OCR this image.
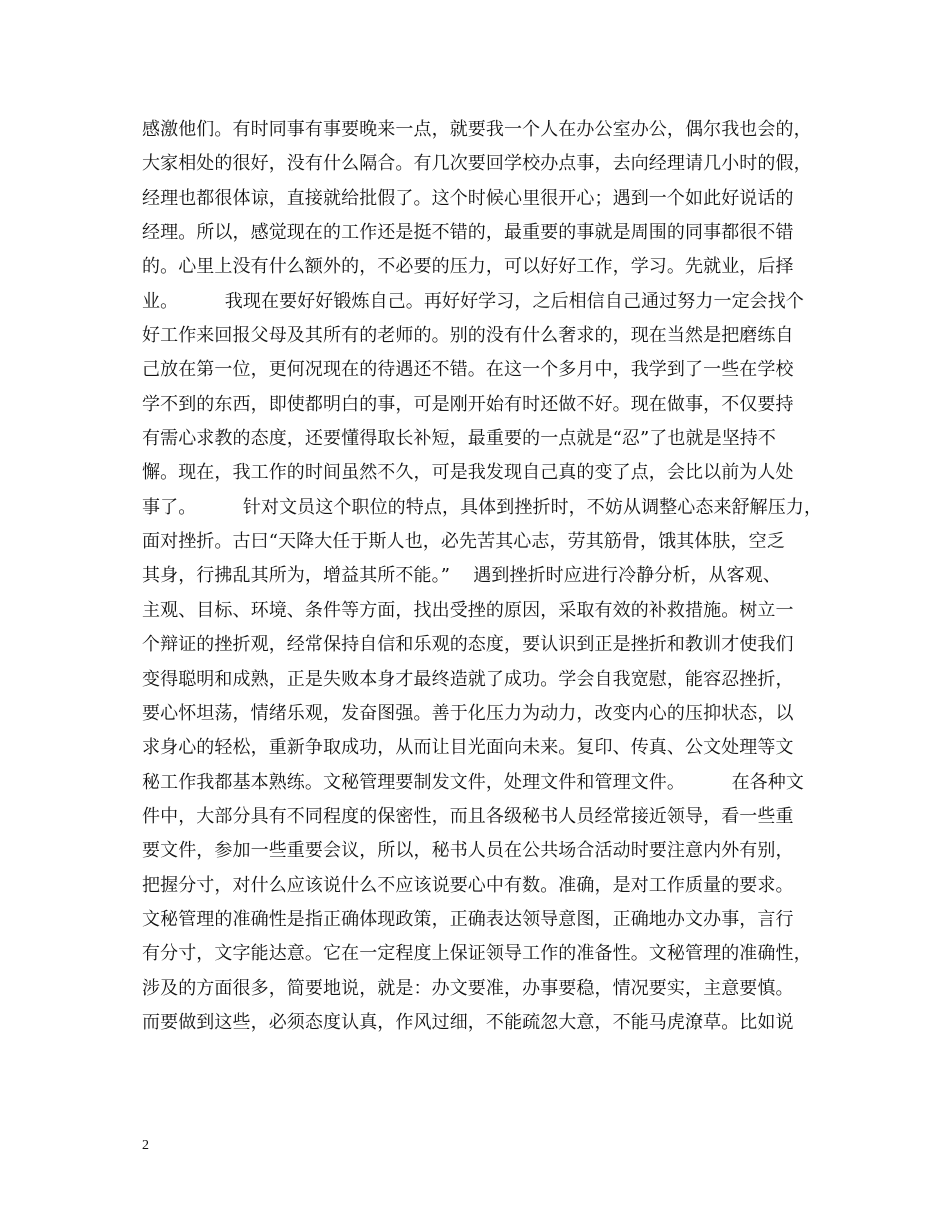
感激他们。有时同事有事要晚来一点，就要我一个人在办公室办公，偶尔我也会的，
大家相处的很好，没有什么隔合。有几次要回学校办点事，去向经理请几小时的假，
经理也都很体谅，直接就给批假了。这个时候心里很开心；遇到一个如此好说话的
经理。所以，感觉现在的工作还是挺不错的，最重要的事就是周围的同事都很不错
的。心里上没有什么额外的，不必要的压力，可以好好工作，学习。先就业，后择
业。        我现在要好好锻炼自己。再好好学习，之后相信自己通过努力一定会找个
好工作来回报父母及其所有的老师的。别的没有什么奢求的，现在当然是把磨练自
己放在第一位，更何况现在的待遇还不错。在这一个多月中，我学到了一些在学校
学不到的东西，即使都明白的事，可是刚开始有时还做不好。现在做事，不仅要持
有需心求教的态度，还要懂得取长补短，最重要的一点就是“忍”了也就是坚持不
懈。现在，我工作的时间虽然不久，可是我发现自己真的变了点，会比以前为人处
事了。        针对文员这个职位的特点，具体到挫折时，不妨从调整心态来舒解压力，
面对挫折。古曰“天降大任于斯人也，必先苦其心志，劳其筋骨，饿其体肤，空乏
其身，行拂乱其所为，增益其所不能。”    遇到挫折时应进行冷静分析，从客观、
主观、目标、环境、条件等方面，找出受挫的原因，采取有效的补救措施。树立一
个辩证的挫折观，经常保持自信和乐观的态度，要认识到正是挫折和教训才使我们
变得聪明和成熟，正是失败本身才最终造就了成功。学会自我宽慰，能容忍挫折，
要心怀坦荡，情绪乐观，发奋图强。善于化压力为动力，改变内心的压抑状态，以
求身心的轻松，重新争取成功，从而让目光面向未来。复印、传真、公文处理等文
秘工作我都基本熟练。文秘管理要制发文件，处理文件和管理文件。        在各种文
件中，大部分具有不同程度的保密性，而且各级秘书人员经常接近领导，看一些重
要文件，参加一些重要会议，所以，秘书人员在公共场合活动时要注意内外有别，
把握分寸，对什么应该说什么不应该说要心中有数。准确，是对工作质量的要求。
文秘管理的准确性是指正确体现政策，正确表达领导意图，正确地办文办事，言行
有分寸，文字能达意。它在一定程度上保证领导工作的准备性。文秘管理的准确性，
涉及的方面很多，简要地说，就是：办文要准，办事要稳，情况要实，主意要慎。
而要做到这些，必须态度认真，作风过细，不能疏忽大意，不能马虎潦草。比如说
2
